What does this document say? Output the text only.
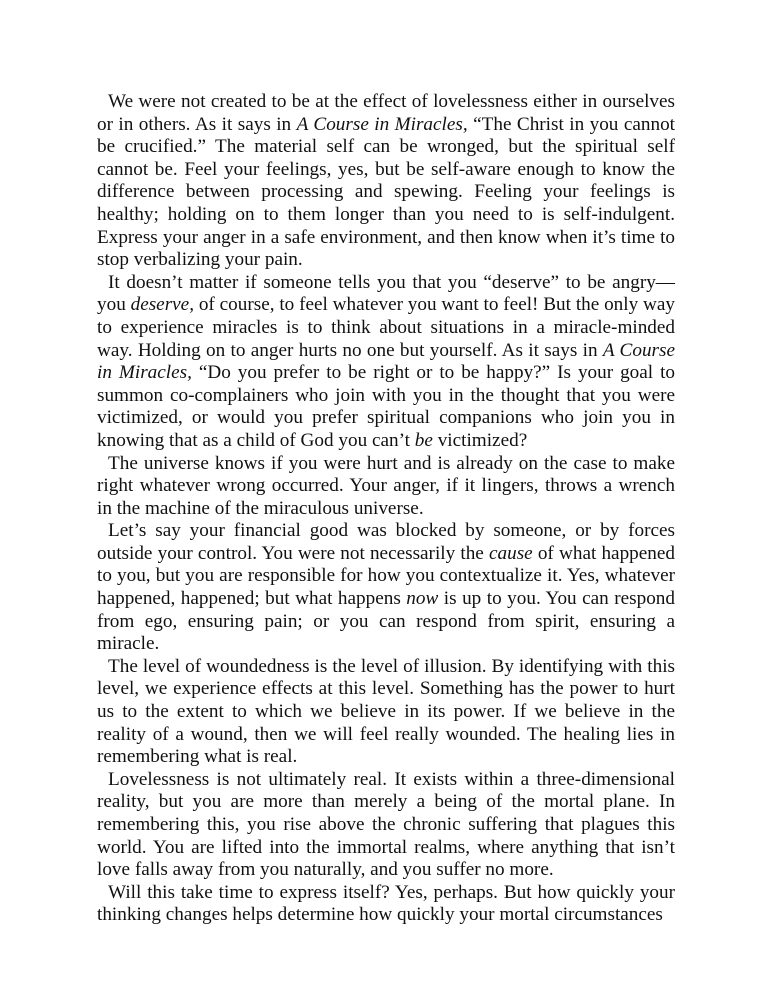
We were not created to be at the effect of lovelessness either in ourselves or in others. As it says in A Course in Miracles, “The Christ in you cannot be crucified.” The material self can be wronged, but the spiritual self cannot be. Feel your feelings, yes, but be self-aware enough to know the difference between processing and spewing. Feeling your feelings is healthy; holding on to them longer than you need to is self-indulgent. Express your anger in a safe environment, and then know when it’s time to stop verbalizing your pain.

It doesn’t matter if someone tells you that you “deserve” to be angry—you deserve, of course, to feel whatever you want to feel! But the only way to experience miracles is to think about situations in a miracle-minded way. Holding on to anger hurts no one but yourself. As it says in A Course in Miracles, “Do you prefer to be right or to be happy?” Is your goal to summon co-complainers who join with you in the thought that you were victimized, or would you prefer spiritual companions who join you in knowing that as a child of God you can’t be victimized?

The universe knows if you were hurt and is already on the case to make right whatever wrong occurred. Your anger, if it lingers, throws a wrench in the machine of the miraculous universe.

Let’s say your financial good was blocked by someone, or by forces outside your control. You were not necessarily the cause of what happened to you, but you are responsible for how you contextualize it. Yes, whatever happened, happened; but what happens now is up to you. You can respond from ego, ensuring pain; or you can respond from spirit, ensuring a miracle.

The level of woundedness is the level of illusion. By identifying with this level, we experience effects at this level. Something has the power to hurt us to the extent to which we believe in its power. If we believe in the reality of a wound, then we will feel really wounded. The healing lies in remembering what is real.

Lovelessness is not ultimately real. It exists within a three-dimensional reality, but you are more than merely a being of the mortal plane. In remembering this, you rise above the chronic suffering that plagues this world. You are lifted into the immortal realms, where anything that isn’t love falls away from you naturally, and you suffer no more.

Will this take time to express itself? Yes, perhaps. But how quickly your thinking changes helps determine how quickly your mortal circumstances
